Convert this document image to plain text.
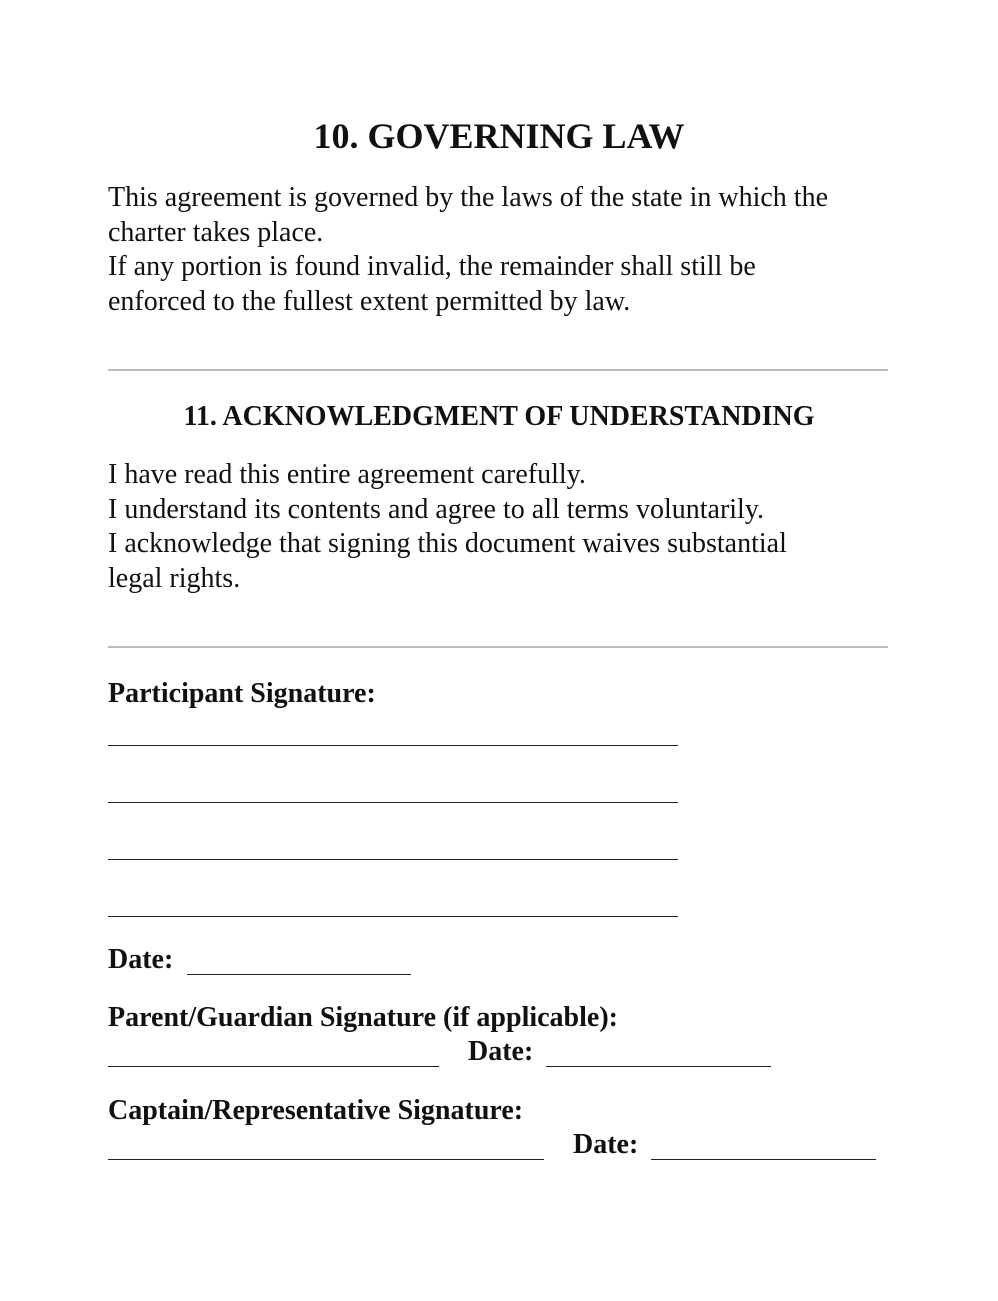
10. GOVERNING LAW
This agreement is governed by the laws of the state in which the
charter takes place.
If any portion is found invalid, the remainder shall still be
enforced to the fullest extent permitted by law.
11. ACKNOWLEDGMENT OF UNDERSTANDING
I have read this entire agreement carefully.
I understand its contents and agree to all terms voluntarily.
I acknowledge that signing this document waives substantial
legal rights.
Participant Signature:
Date:
Parent/Guardian Signature (if applicable):
Date:
Captain/Representative Signature:
Date:
